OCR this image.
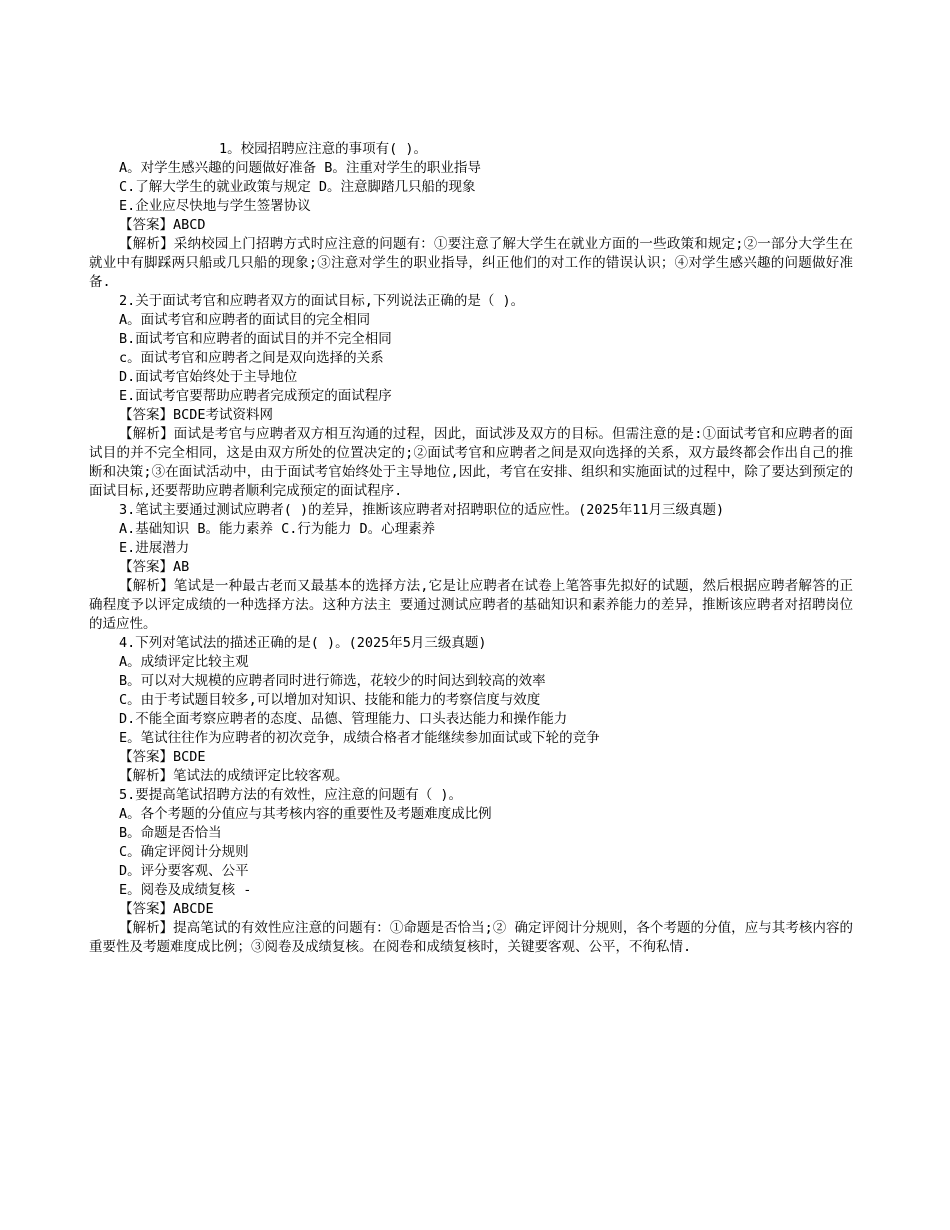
1。校园招聘应注意的事项有( )。

A。对学生感兴趣的问题做好准备 B。注重对学生的职业指导

C.了解大学生的就业政策与规定 D。注意脚踏几只船的现象

E.企业应尽快地与学生签署协议

【答案】ABCD

【解析】采纳校园上门招聘方式时应注意的问题有：①要注意了解大学生在就业方面的一些政策和规定;②一部分大学生在就业中有脚踩两只船或几只船的现象;③注意对学生的职业指导，纠正他们的对工作的错误认识；④对学生感兴趣的问题做好准备.

2.关于面试考官和应聘者双方的面试目标,下列说法正确的是（ )。

A。面试考官和应聘者的面试目的完全相同

B.面试考官和应聘者的面试目的并不完全相同

c。面试考官和应聘者之间是双向选择的关系

D.面试考官始终处于主导地位

E.面试考官要帮助应聘者完成预定的面试程序

【答案】BCDE考试资料网

【解析】面试是考官与应聘者双方相互沟通的过程，因此，面试涉及双方的目标。但需注意的是:①面试考官和应聘者的面试目的并不完全相同，这是由双方所处的位置决定的;②面试考官和应聘者之间是双向选择的关系，双方最终都会作出自己的推断和决策;③在面试活动中，由于面试考官始终处于主导地位,因此，考官在安排、组织和实施面试的过程中，除了要达到预定的面试目标,还要帮助应聘者顺利完成预定的面试程序.

3.笔试主要通过测试应聘者( )的差异，推断该应聘者对招聘职位的适应性。(2025年11月三级真题)

A.基础知识 B。能力素养 C.行为能力 D。心理素养

E.进展潜力

【答案】AB

【解析】笔试是一种最古老而又最基本的选择方法,它是让应聘者在试卷上笔答事先拟好的试题，然后根据应聘者解答的正确程度予以评定成绩的一种选择方法。这种方法主 要通过测试应聘者的基础知识和素养能力的差异，推断该应聘者对招聘岗位的适应性。

4.下列对笔试法的描述正确的是( )。(2025年5月三级真题)

A。成绩评定比较主观

B。可以对大规模的应聘者同时进行筛选，花较少的时间达到较高的效率

C。由于考试题目较多,可以增加对知识、技能和能力的考察信度与效度

D.不能全面考察应聘者的态度、品德、管理能力、口头表达能力和操作能力

E。笔试往往作为应聘者的初次竞争，成绩合格者才能继续参加面试或下轮的竞争

【答案】BCDE

【解析】笔试法的成绩评定比较客观。

5.要提高笔试招聘方法的有效性，应注意的问题有（ )。

A。各个考题的分值应与其考核内容的重要性及考题难度成比例

B。命题是否恰当

C。确定评阅计分规则

D。评分要客观、公平

E。阅卷及成绩复核 -

【答案】ABCDE

【解析】提高笔试的有效性应注意的问题有：①命题是否恰当;② 确定评阅计分规则，各个考题的分值，应与其考核内容的重要性及考题难度成比例；③阅卷及成绩复核。在阅卷和成绩复核时，关键要客观、公平，不徇私情.
